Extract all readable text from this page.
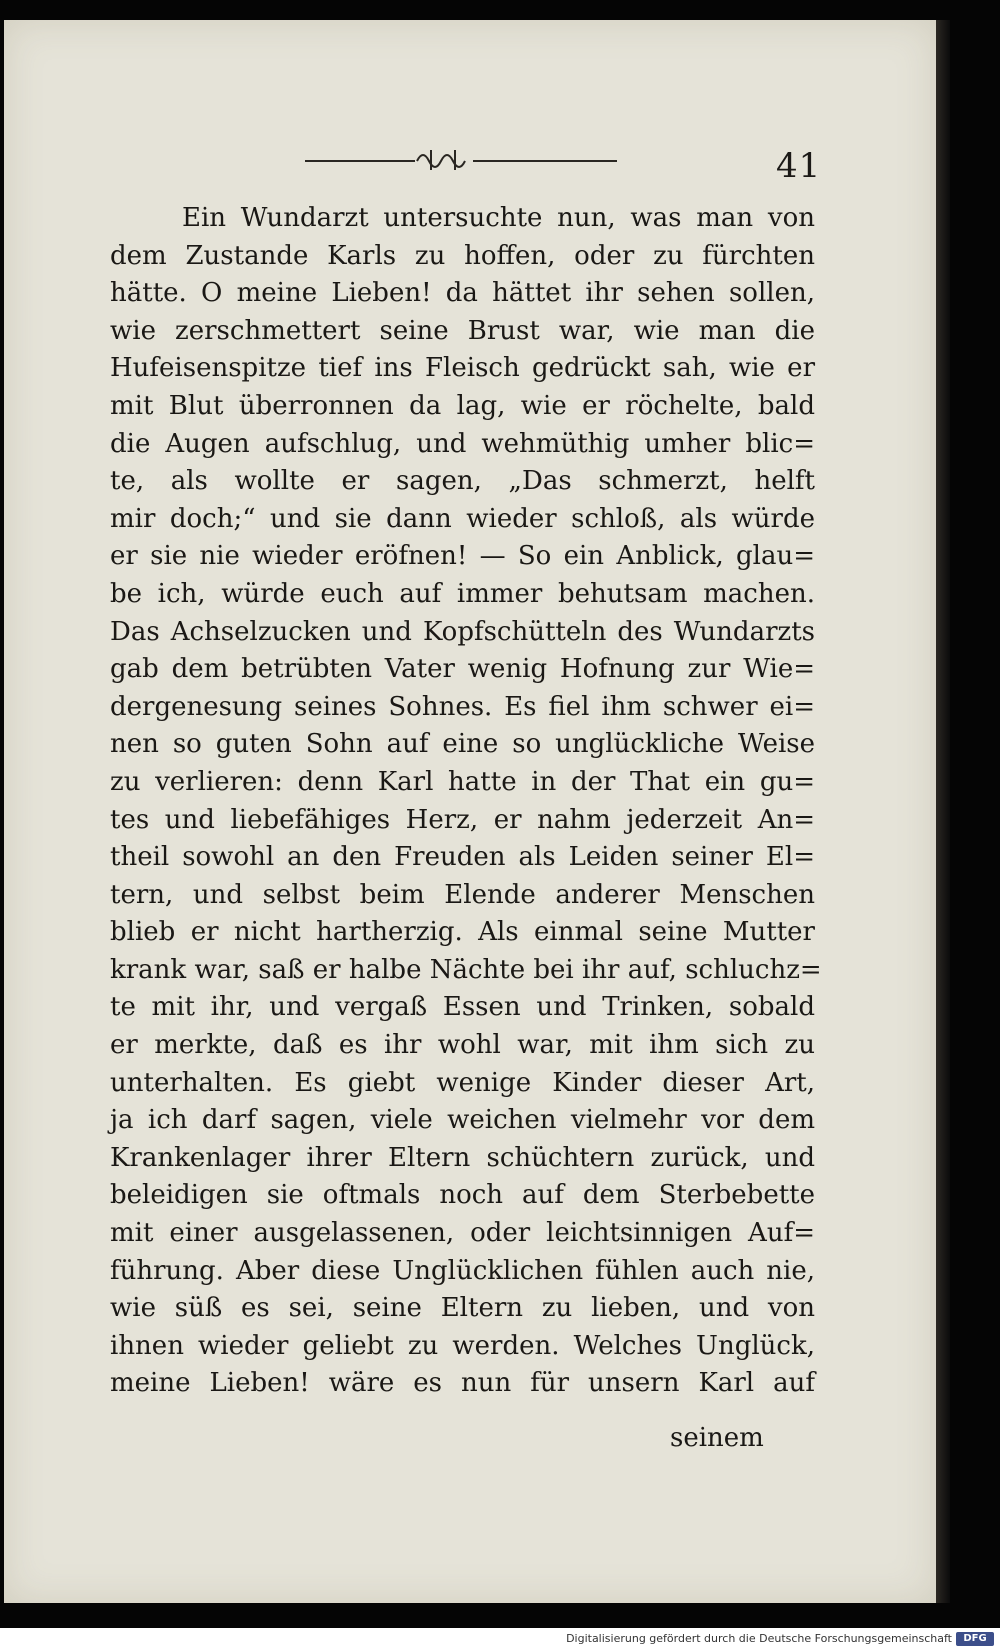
41
Ein Wundarzt untersuchte nun, was man von
dem Zustande Karls zu hoffen, oder zu fürchten
hätte. O meine Lieben! da hättet ihr sehen sollen,
wie zerschmettert seine Brust war, wie man die
Hufeisenspitze tief ins Fleisch gedrückt sah, wie er
mit Blut überronnen da lag, wie er röchelte, bald
die Augen aufschlug, und wehmüthig umher blic=
te, als wollte er sagen, „Das schmerzt, helft
mir doch;“ und sie dann wieder schloß, als würde
er sie nie wieder eröfnen! — So ein Anblick, glau=
be ich, würde euch auf immer behutsam machen.
Das Achselzucken und Kopfschütteln des Wundarzts
gab dem betrübten Vater wenig Hofnung zur Wie=
dergenesung seines Sohnes. Es fiel ihm schwer ei=
nen so guten Sohn auf eine so unglückliche Weise
zu verlieren: denn Karl hatte in der That ein gu=
tes und liebefähiges Herz, er nahm jederzeit An=
theil sowohl an den Freuden als Leiden seiner El=
tern, und selbst beim Elende anderer Menschen
blieb er nicht hartherzig. Als einmal seine Mutter
krank war, saß er halbe Nächte bei ihr auf, schluchz=
te mit ihr, und vergaß Essen und Trinken, sobald
er merkte, daß es ihr wohl war, mit ihm sich zu
unterhalten. Es giebt wenige Kinder dieser Art,
ja ich darf sagen, viele weichen vielmehr vor dem
Krankenlager ihrer Eltern schüchtern zurück, und
beleidigen sie oftmals noch auf dem Sterbebette
mit einer ausgelassenen, oder leichtsinnigen Auf=
führung. Aber diese Unglücklichen fühlen auch nie,
wie süß es sei, seine Eltern zu lieben, und von
ihnen wieder geliebt zu werden. Welches Unglück,
meine Lieben! wäre es nun für unsern Karl auf
seinem
Digitalisierung gefördert durch die Deutsche Forschungsgemeinschaft	DFG
